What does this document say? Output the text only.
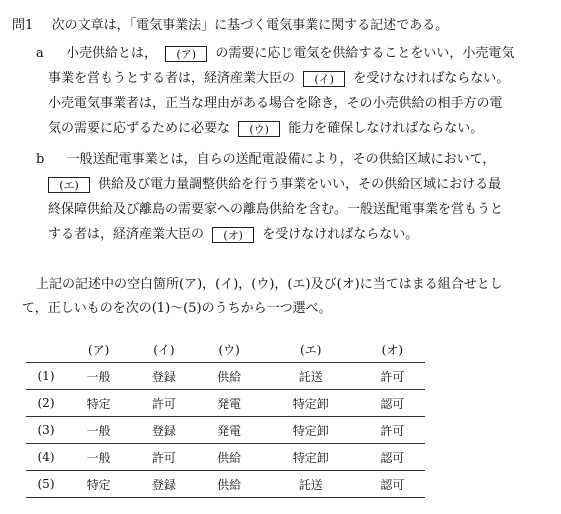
問1 次の文章は，「電気事業法」に基づく電気事業に関する記述である。
a 小売供給とは， (ア) の需要に応じ電気を供給することをいい，小売電気
事業を営もうとする者は，経済産業大臣の (イ) を受けなければならない。
小売電気事業者は，正当な理由がある場合を除き，その小売供給の相手方の電
気の需要に応ずるために必要な (ウ) 能力を確保しなければならない。
b 一般送配電事業とは，自らの送配電設備により，その供給区域において，
(エ) 供給及び電力量調整供給を行う事業をいい，その供給区域における最
終保障供給及び離島の需要家への離島供給を含む。一般送配電事業を営もうと
する者は，経済産業大臣の (オ) を受けなければならない。
上記の記述中の空白箇所(ア)，(イ)，(ウ)，(エ)及び(オ)に当てはまる組合せとし
て，正しいものを次の(1)～(5)のうちから一つ選べ。
	(ア)	(イ)	(ウ)	(エ)	(オ)
(1)	一般	登録	供給	託送	許可
(2)	特定	許可	発電	特定卸	認可
(3)	一般	登録	発電	特定卸	許可
(4)	一般	許可	供給	特定卸	認可
(5)	特定	登録	供給	託送	認可
